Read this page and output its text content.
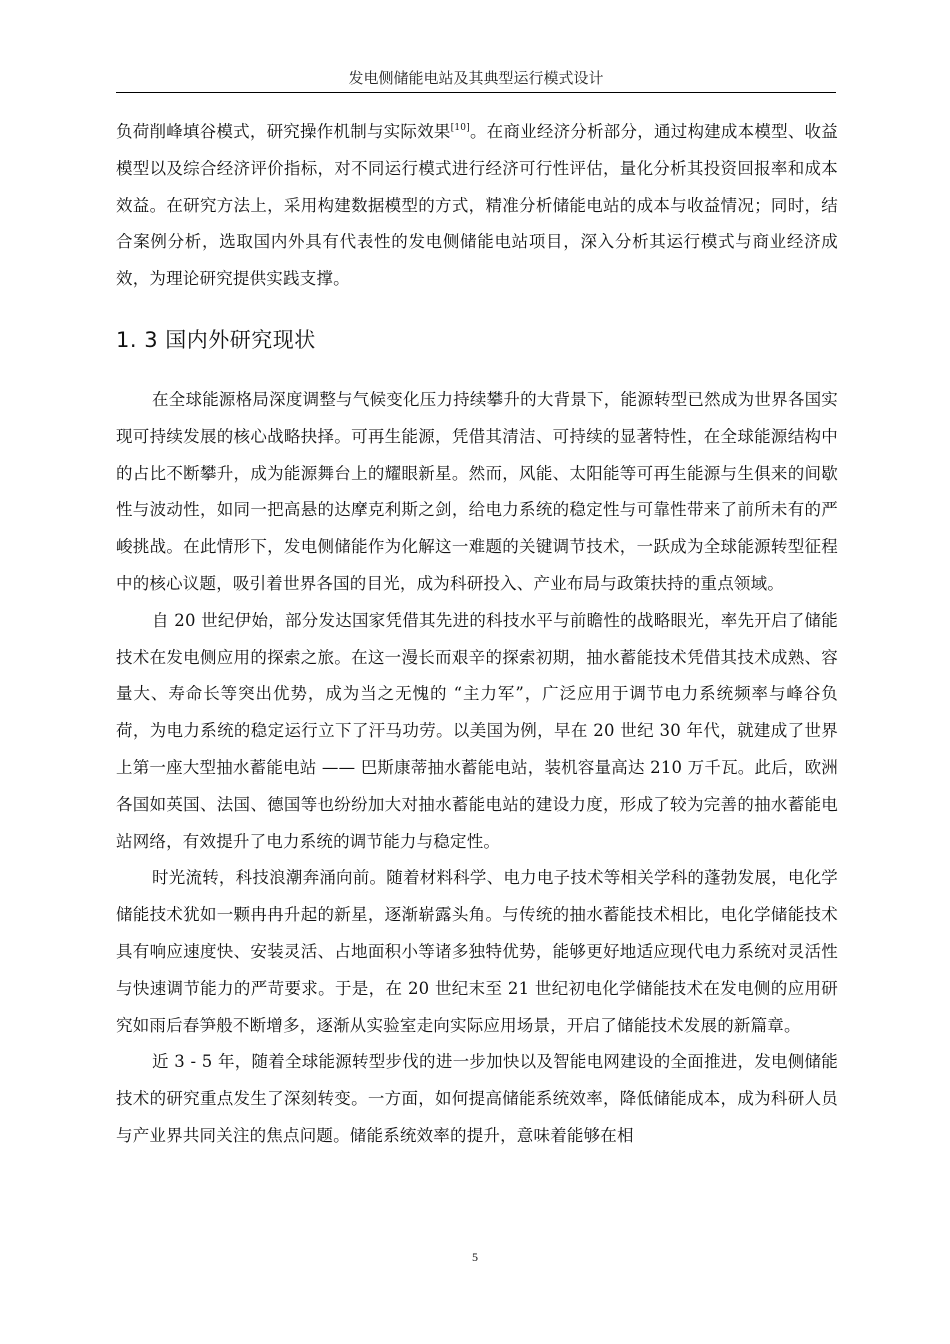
发电侧储能电站及其典型运行模式设计

负荷削峰填谷模式，研究操作机制与实际效果[10]。在商业经济分析部分，通过构建成本模型、收益模型以及综合经济评价指标，对不同运行模式进行经济可行性评估，量化分析其投资回报率和成本效益。在研究方法上，采用构建数据模型的方式，精准分析储能电站的成本与收益情况；同时，结合案例分析，选取国内外具有代表性的发电侧储能电站项目，深入分析其运行模式与商业经济成效，为理论研究提供实践支撑。

1. 3 国内外研究现状

在全球能源格局深度调整与气候变化压力持续攀升的大背景下，能源转型已然成为世界各国实现可持续发展的核心战略抉择。可再生能源，凭借其清洁、可持续的显著特性，在全球能源结构中的占比不断攀升，成为能源舞台上的耀眼新星。然而，风能、太阳能等可再生能源与生俱来的间歇性与波动性，如同一把高悬的达摩克利斯之剑，给电力系统的稳定性与可靠性带来了前所未有的严峻挑战。在此情形下，发电侧储能作为化解这一难题的关键调节技术，一跃成为全球能源转型征程中的核心议题，吸引着世界各国的目光，成为科研投入、产业布局与政策扶持的重点领域。

自 20 世纪伊始，部分发达国家凭借其先进的科技水平与前瞻性的战略眼光，率先开启了储能技术在发电侧应用的探索之旅。在这一漫长而艰辛的探索初期，抽水蓄能技术凭借其技术成熟、容量大、寿命长等突出优势，成为当之无愧的 “主力军”，广泛应用于调节电力系统频率与峰谷负荷，为电力系统的稳定运行立下了汗马功劳。以美国为例，早在 20 世纪 30 年代，就建成了世界上第一座大型抽水蓄能电站 —— 巴斯康蒂抽水蓄能电站，装机容量高达 210 万千瓦。此后，欧洲各国如英国、法国、德国等也纷纷加大对抽水蓄能电站的建设力度，形成了较为完善的抽水蓄能电站网络，有效提升了电力系统的调节能力与稳定性。

时光流转，科技浪潮奔涌向前。随着材料科学、电力电子技术等相关学科的蓬勃发展，电化学储能技术犹如一颗冉冉升起的新星，逐渐崭露头角。与传统的抽水蓄能技术相比，电化学储能技术具有响应速度快、安装灵活、占地面积小等诸多独特优势，能够更好地适应现代电力系统对灵活性与快速调节能力的严苛要求。于是，在 20 世纪末至 21 世纪初电化学储能技术在发电侧的应用研究如雨后春笋般不断增多，逐渐从实验室走向实际应用场景，开启了储能技术发展的新篇章。

近 3 - 5 年，随着全球能源转型步伐的进一步加快以及智能电网建设的全面推进，发电侧储能技术的研究重点发生了深刻转变。一方面，如何提高储能系统效率，降低储能成本，成为科研人员与产业界共同关注的焦点问题。储能系统效率的提升，意味着能够在相

5
